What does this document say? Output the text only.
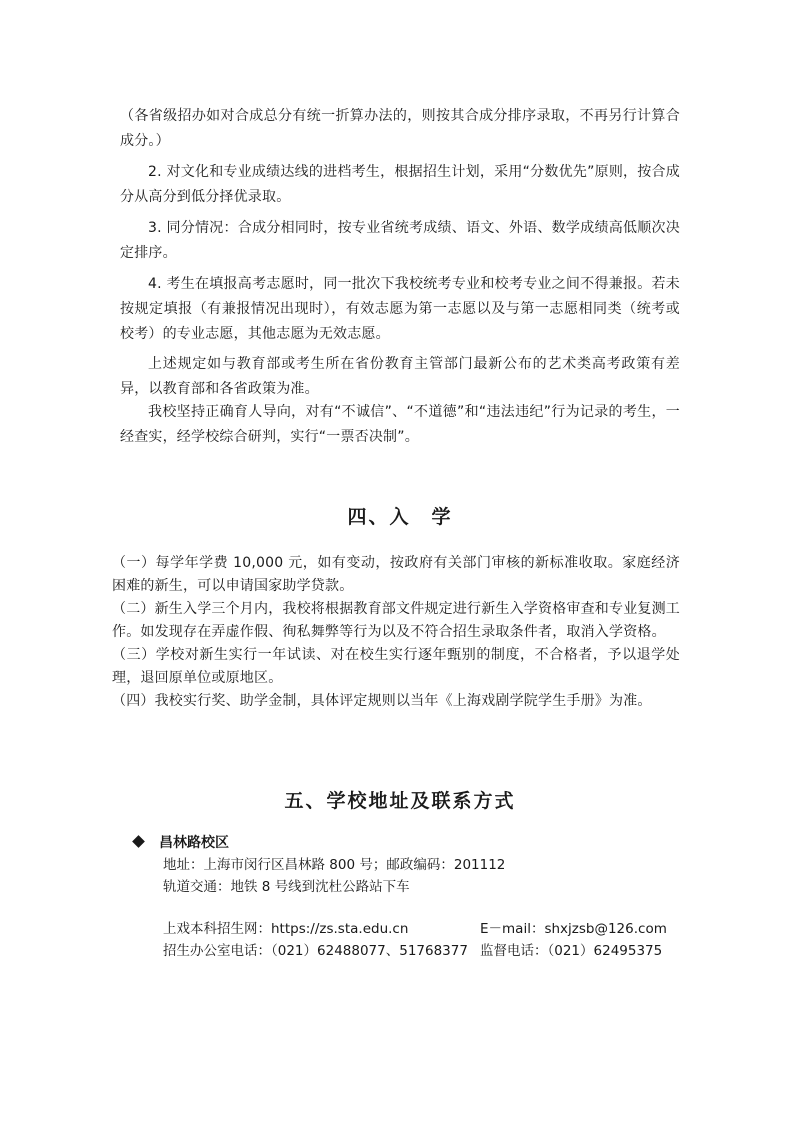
（各省级招办如对合成总分有统一折算办法的，则按其合成分排序录取，不再另行计算合成分。）

2. 对文化和专业成绩达线的进档考生，根据招生计划，采用“分数优先”原则，按合成分从高分到低分择优录取。

3. 同分情况：合成分相同时，按专业省统考成绩、语文、外语、数学成绩高低顺次决定排序。

4. 考生在填报高考志愿时，同一批次下我校统考专业和校考专业之间不得兼报。若未按规定填报（有兼报情况出现时），有效志愿为第一志愿以及与第一志愿相同类（统考或校考）的专业志愿，其他志愿为无效志愿。

上述规定如与教育部或考生所在省份教育主管部门最新公布的艺术类高考政策有差异，以教育部和各省政策为准。

我校坚持正确育人导向，对有“不诚信”、“不道德”和“违法违纪”行为记录的考生，一经查实，经学校综合研判，实行“一票否决制”。

四、入　学

（一）每学年学费 10,000 元，如有变动，按政府有关部门审核的新标准收取。家庭经济困难的新生，可以申请国家助学贷款。

（二）新生入学三个月内，我校将根据教育部文件规定进行新生入学资格审查和专业复测工作。如发现存在弄虚作假、徇私舞弊等行为以及不符合招生录取条件者，取消入学资格。

（三）学校对新生实行一年试读、对在校生实行逐年甄别的制度，不合格者，予以退学处理，退回原单位或原地区。

（四）我校实行奖、助学金制，具体评定规则以当年《上海戏剧学院学生手册》为准。

五、学校地址及联系方式
昌林路校区

地址：上海市闵行区昌林路 800 号；邮政编码：201112

轨道交通：地铁 8 号线到沈杜公路站下车

上戏本科招生网：https://zs.sta.edu.cn	E－mail：shxjzsb@126.com

招生办公室电话：（021）62488077、51768377 监督电话：（021）62495375
